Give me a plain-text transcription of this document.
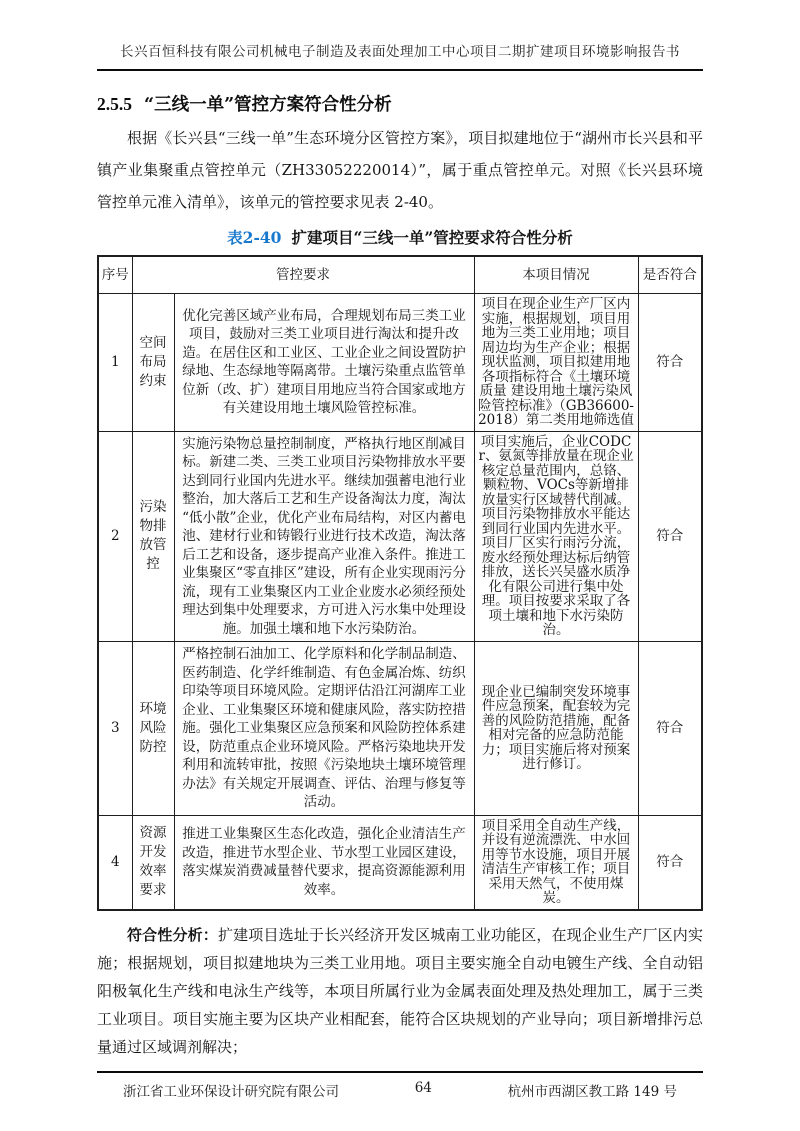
长兴百恒科技有限公司机械电子制造及表面处理加工中心项目二期扩建项目环境影响报告书
2.5.5 “三线一单”管控方案符合性分析

根据《长兴县“三线一单”生态环境分区管控方案》，项目拟建地位于“湖州市长兴县和平镇产业集聚重点管控单元（ZH33052220014）”，属于重点管控单元。对照《长兴县环境管控单元准入清单》，该单元的管控要求见表 2-40。

表2-40 扩建项目“三线一单”管控要求符合性分析
序号	管控要求		本项目情况	是否符合
1	空间布局约束	优化完善区域产业布局，合理规划布局三类工业项目，鼓励对三类工业项目进行淘汰和提升改造。在居住区和工业区、工业企业之间设置防护绿地、生态绿地等隔离带。土壤污染重点监管单位新（改、扩）建项目用地应当符合国家或地方有关建设用地土壤风险管控标准。	项目在现企业生产厂区内实施，根据规划，项目用地为三类工业用地；项目周边均为生产企业；根据现状监测，项目拟建用地各项指标符合《土壤环境质量 建设用地土壤污染风险管控标准》（GB36600-2018）第二类用地筛选值	符合
2	污染物排放管控	实施污染物总量控制制度，严格执行地区削减目标。新建二类、三类工业项目污染物排放水平要达到同行业国内先进水平。继续加强蓄电池行业整治，加大落后工艺和生产设备淘汰力度，淘汰“低小散”企业，优化产业布局结构，对区内蓄电池、建材行业和铸锻行业进行技术改造，淘汰落后工艺和设备，逐步提高产业准入条件。推进工业集聚区“零直排区”建设，所有企业实现雨污分流，现有工业集聚区内工业企业废水必须经预处理达到集中处理要求，方可进入污水集中处理设施。加强土壤和地下水污染防治。	项目实施后，企业CODCr、氨氮等排放量在现企业核定总量范围内，总铬、颗粒物、VOCs等新增排放量实行区域替代削减。项目污染物排放水平能达到同行业国内先进水平。项目厂区实行雨污分流，废水经预处理达标后纳管排放，送长兴吴盛水质净化有限公司进行集中处理。项目按要求采取了各项土壤和地下水污染防治。	符合
3	环境风险防控	严格控制石油加工、化学原料和化学制品制造、医药制造、化学纤维制造、有色金属冶炼、纺织印染等项目环境风险。定期评估沿江河湖库工业企业、工业集聚区环境和健康风险，落实防控措施。强化工业集聚区应急预案和风险防控体系建设，防范重点企业环境风险。严格污染地块开发利用和流转审批，按照《污染地块土壤环境管理办法》有关规定开展调查、评估、治理与修复等活动。	现企业已编制突发环境事件应急预案，配套较为完善的风险防范措施，配备相对完备的应急防范能力；项目实施后将对预案进行修订。	符合
4	资源开发效率要求	推进工业集聚区生态化改造，强化企业清洁生产改造，推进节水型企业、节水型工业园区建设，落实煤炭消费减量替代要求，提高资源能源利用效率。	项目采用全自动生产线，并设有逆流漂洗、中水回用等节水设施，项目开展清洁生产审核工作；项目采用天然气，不使用煤炭。	符合

符合性分析：扩建项目选址于长兴经济开发区城南工业功能区，在现企业生产厂区内实施；根据规划，项目拟建地块为三类工业用地。项目主要实施全自动电镀生产线、全自动铝阳极氧化生产线和电泳生产线等，本项目所属行业为金属表面处理及热处理加工，属于三类工业项目。项目实施主要为区块产业相配套，能符合区块规划的产业导向；项目新增排污总量通过区域调剂解决；

浙江省工业环保设计研究院有限公司	64	杭州市西湖区教工路 149 号
